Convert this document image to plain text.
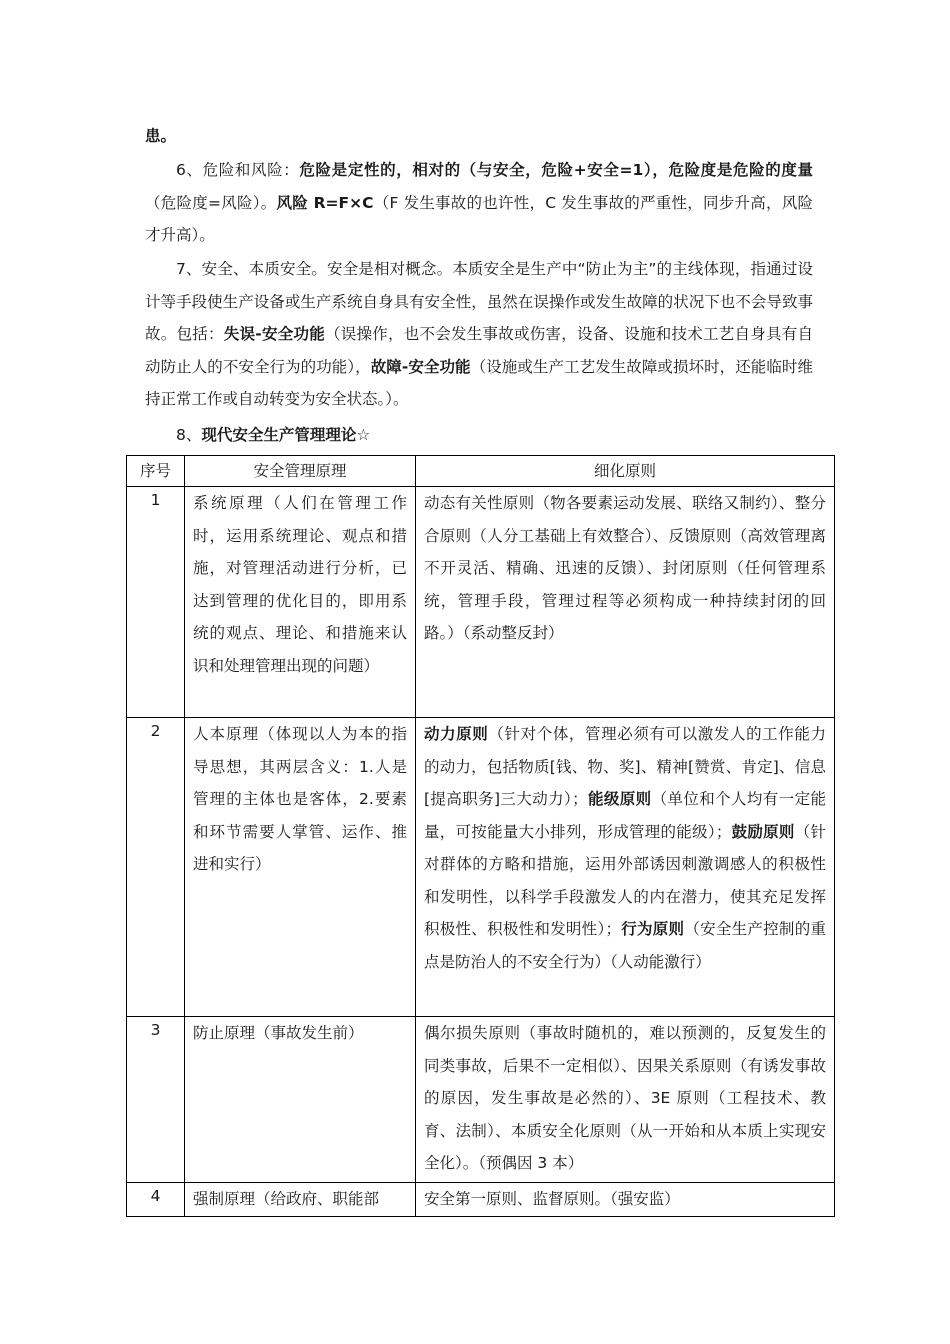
患。

6、危险和风险：危险是定性的，相对的（与安全，危险+安全=1），危险度是危险的度量（危险度=风险）。风险 R=F×C（F 发生事故的也许性，C 发生事故的严重性，同步升高，风险才升高）。

7、安全、本质安全。安全是相对概念。本质安全是生产中“防止为主”的主线体现，指通过设计等手段使生产设备或生产系统自身具有安全性，虽然在误操作或发生故障的状况下也不会导致事故。包括：失误-安全功能（误操作，也不会发生事故或伤害，设备、设施和技术工艺自身具有自动防止人的不安全行为的功能），故障-安全功能（设施或生产工艺发生故障或损坏时，还能临时维持正常工作或自动转变为安全状态。）。

8、现代安全生产管理理论☆

序号	安全管理原理	细化原则
1	系统原理（人们在管理工作时，运用系统理论、观点和措施，对管理活动进行分析，已达到管理的优化目的，即用系统的观点、理论、和措施来认识和处理管理出现的问题）	动态有关性原则（物各要素运动发展、联络又制约）、整分合原则（人分工基础上有效整合）、反馈原则（高效管理离不开灵活、精确、迅速的反馈）、封闭原则（任何管理系统，管理手段，管理过程等必须构成一种持续封闭的回路。）（系动整反封）
2	人本原理（体现以人为本的指导思想，其两层含义：1.人是管理的主体也是客体，2.要素和环节需要人掌管、运作、推进和实行）	动力原则（针对个体，管理必须有可以激发人的工作能力的动力，包括物质[钱、物、奖]、精神[赞赏、肯定]、信息[提高职务]三大动力）；能级原则（单位和个人均有一定能量，可按能量大小排列，形成管理的能级）；鼓励原则（针对群体的方略和措施，运用外部诱因刺激调感人的积极性和发明性，以科学手段激发人的内在潜力，使其充足发挥积极性、积极性和发明性）；行为原则（安全生产控制的重点是防治人的不安全行为）（人动能激行）
3	防止原理（事故发生前）	偶尔损失原则（事故时随机的，难以预测的，反复发生的同类事故，后果不一定相似）、因果关系原则（有诱发事故的原因，发生事故是必然的）、3E 原则（工程技术、教育、法制）、本质安全化原则（从一开始和从本质上实现安全化）。（预偶因 3 本）
4	强制原理（给政府、职能部	安全第一原则、监督原则。（强安监）
